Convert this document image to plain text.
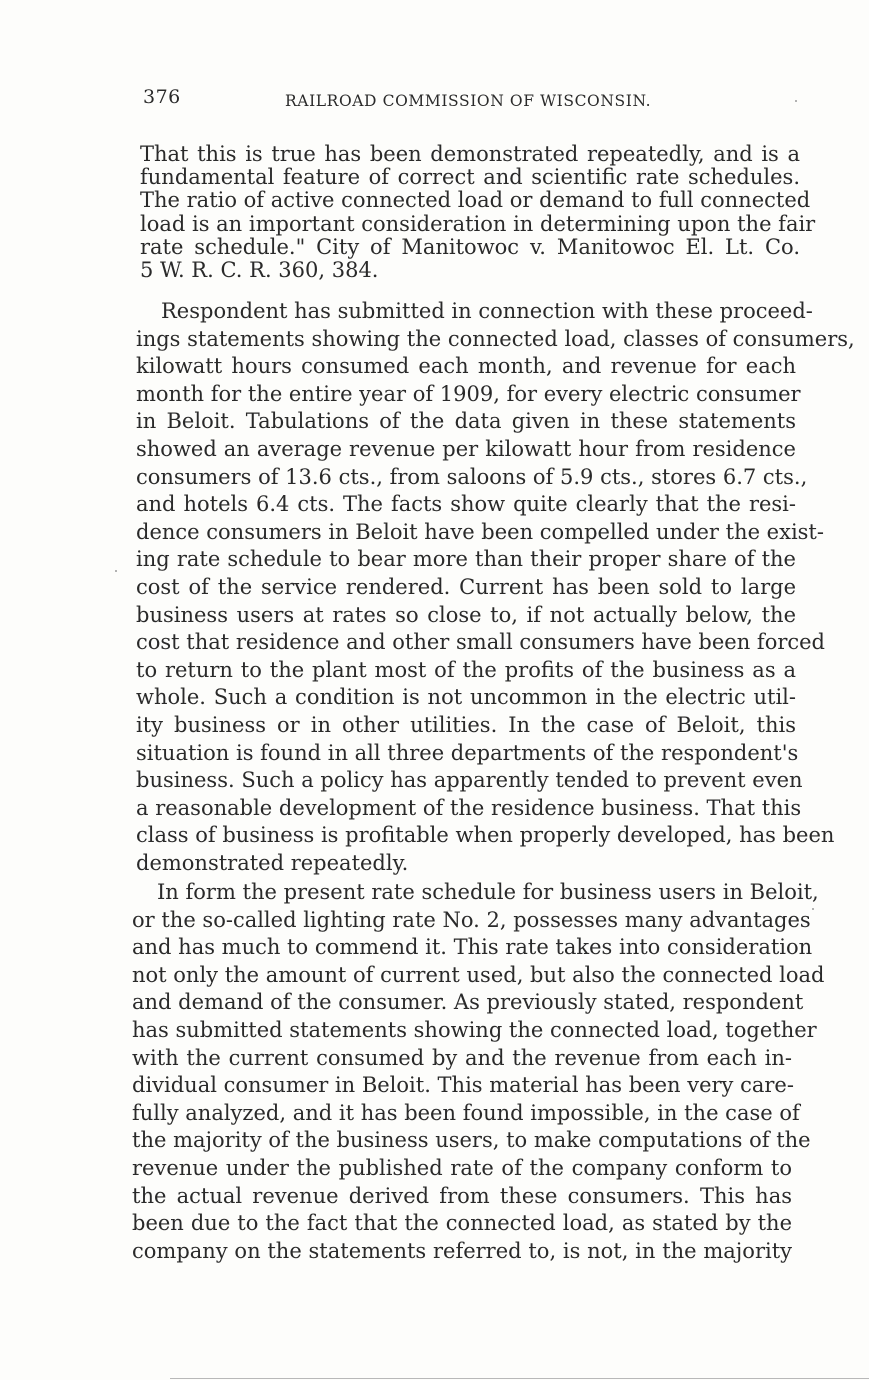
376	RAILROAD COMMISSION OF WISCONSIN.
That this is true has been demonstrated repeatedly, and is a
fundamental feature of correct and scientific rate schedules.
The ratio of active connected load or demand to full connected
load is an important consideration in determining upon the fair
rate schedule." City of Manitowoc v. Manitowoc El. Lt. Co.
5 W. R. C. R. 360, 384.
Respondent has submitted in connection with these proceed-
ings statements showing the connected load, classes of consumers,
kilowatt hours consumed each month, and revenue for each
month for the entire year of 1909, for every electric consumer
in Beloit. Tabulations of the data given in these statements
showed an average revenue per kilowatt hour from residence
consumers of 13.6 cts., from saloons of 5.9 cts., stores 6.7 cts.,
and hotels 6.4 cts. The facts show quite clearly that the resi-
dence consumers in Beloit have been compelled under the exist-
ing rate schedule to bear more than their proper share of the
cost of the service rendered. Current has been sold to large
business users at rates so close to, if not actually below, the
cost that residence and other small consumers have been forced
to return to the plant most of the profits of the business as a
whole. Such a condition is not uncommon in the electric util-
ity business or in other utilities. In the case of Beloit, this
situation is found in all three departments of the respondent's
business. Such a policy has apparently tended to prevent even
a reasonable development of the residence business. That this
class of business is profitable when properly developed, has been
demonstrated repeatedly.
In form the present rate schedule for business users in Beloit,
or the so-called lighting rate No. 2, possesses many advantages
and has much to commend it. This rate takes into consideration
not only the amount of current used, but also the connected load
and demand of the consumer. As previously stated, respondent
has submitted statements showing the connected load, together
with the current consumed by and the revenue from each in-
dividual consumer in Beloit. This material has been very care-
fully analyzed, and it has been found impossible, in the case of
the majority of the business users, to make computations of the
revenue under the published rate of the company conform to
the actual revenue derived from these consumers. This has
been due to the fact that the connected load, as stated by the
company on the statements referred to, is not, in the majority
